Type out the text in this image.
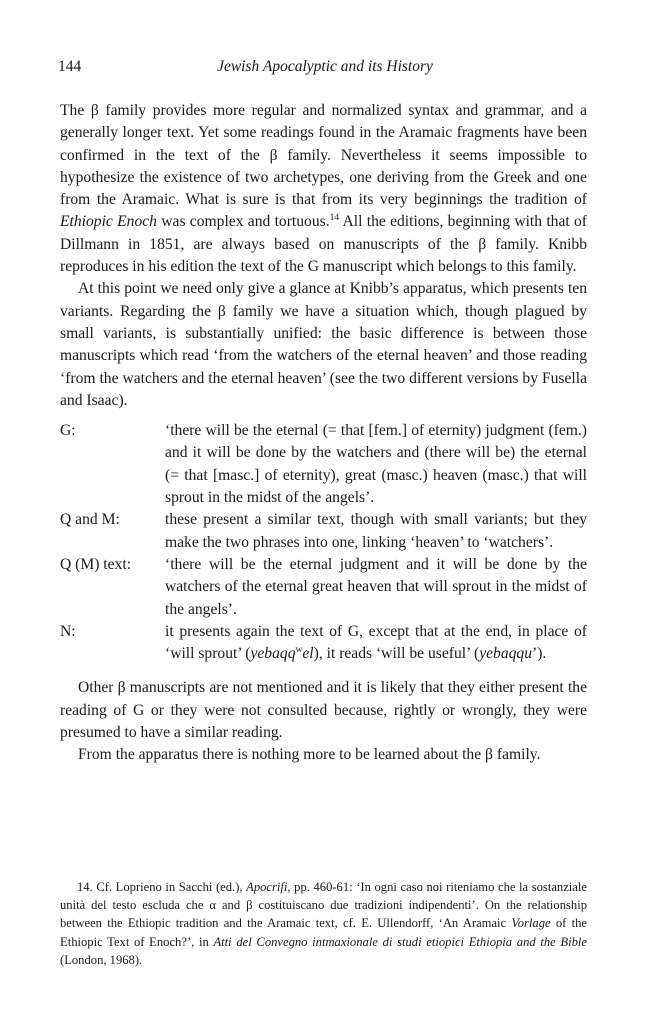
144	Jewish Apocalyptic and its History

The β family provides more regular and normalized syntax and grammar, and a generally longer text. Yet some readings found in the Aramaic fragments have been confirmed in the text of the β family. Nevertheless it seems impossible to hypothesize the existence of two archetypes, one deriving from the Greek and one from the Aramaic. What is sure is that from its very beginnings the tradition of Ethiopic Enoch was complex and tortuous.$^{14}$ All the editions, beginning with that of Dillmann in 1851, are always based on manuscripts of the β family. Knibb reproduces in his edition the text of the G manuscript which belongs to this family.

At this point we need only give a glance at Knibb’s apparatus, which presents ten variants. Regarding the β family we have a situation which, though plagued by small variants, is substantially unified: the basic difference is between those manuscripts which read ‘from the watchers of the eternal heaven’ and those reading ‘from the watchers and the eternal heaven’ (see the two different versions by Fusella and Isaac).

G:	‘there will be the eternal (= that [fem.] of eternity) judgment (fem.) and it will be done by the watchers and (there will be) the eternal (= that [masc.] of eternity), great (masc.) heaven (masc.) that will sprout in the midst of the angels’.
Q and M:	these present a similar text, though with small variants; but they make the two phrases into one, linking ‘heaven’ to ‘watchers’.
Q (M) text:	‘there will be the eternal judgment and it will be done by the watchers of the eternal great heaven that will sprout in the midst of the angels’.
N:	it presents again the text of G, except that at the end, in place of ‘will sprout’ (yebaqq$^w$el), it reads ‘will be useful’ (yebaqqu’).

Other β manuscripts are not mentioned and it is likely that they either present the reading of G or they were not consulted because, rightly or wrongly, they were presumed to have a similar reading.

From the apparatus there is nothing more to be learned about the β family.

14. Cf. Loprieno in Sacchi (ed.), Apocrifi, pp. 460-61: ‘In ogni caso noi riteniamo che la sostanziale unità del testo escluda che α and β costituiscano due tradizioni indipendenti’. On the relationship between the Ethiopic tradition and the Aramaic text, cf. E. Ullendorff, ‘An Aramaic Vorlage of the Ethiopic Text of Enoch?’, in Atti del Convegno intmaxionale di studi etiopici Ethiopia and the Bible (London, 1968).
